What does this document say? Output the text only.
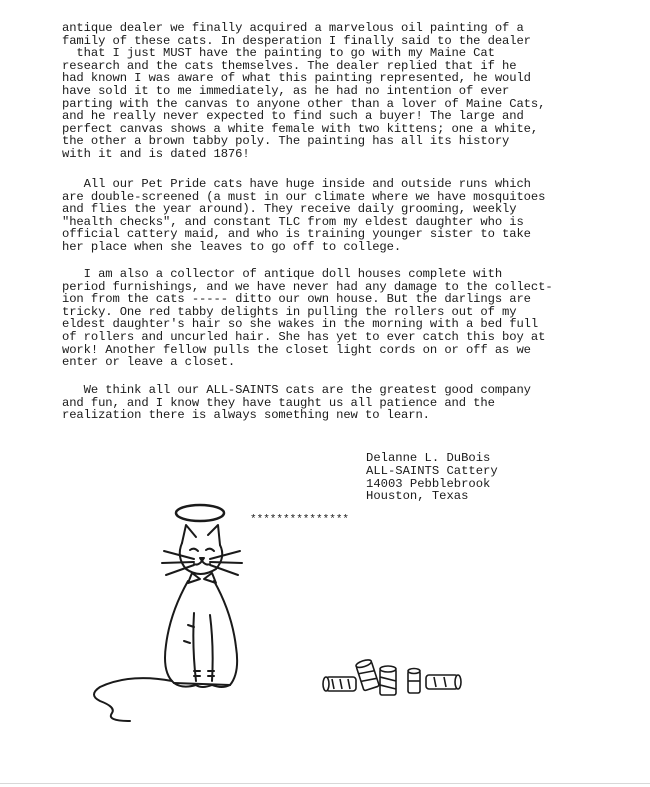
antique dealer we finally acquired a marvelous oil painting of a
family of these cats. In desperation I finally said to the dealer
that I just MUST have the painting to go with my Maine Cat
research and the cats themselves. The dealer replied that if he
had known I was aware of what this painting represented, he would
have sold it to me immediately, as he had no intention of ever
parting with the canvas to anyone other than a lover of Maine Cats,
and he really never expected to find such a buyer! The large and
perfect canvas shows a white female with two kittens; one a white,
the other a brown tabby poly. The painting has all its history
with it and is dated 1876!
All our Pet Pride cats have huge inside and outside runs which
are double-screened (a must in our climate where we have mosquitoes
and flies the year around). They receive daily grooming, weekly
"health checks", and constant TLC from my eldest daughter who is
official cattery maid, and who is training younger sister to take
her place when she leaves to go off to college.
I am also a collector of antique doll houses complete with
period furnishings, and we have never had any damage to the collect-
ion from the cats ----- ditto our own house. But the darlings are
tricky. One red tabby delights in pulling the rollers out of my
eldest daughter's hair so she wakes in the morning with a bed full
of rollers and uncurled hair. She has yet to ever catch this boy at
work! Another fellow pulls the closet light cords on or off as we
enter or leave a closet.
We think all our ALL-SAINTS cats are the greatest good company
and fun, and I know they have taught us all patience and the
realization there is always something new to learn.
Delanne L. DuBois
ALL-SAINTS Cattery
14003 Pebblebrook
Houston, Texas
***************
